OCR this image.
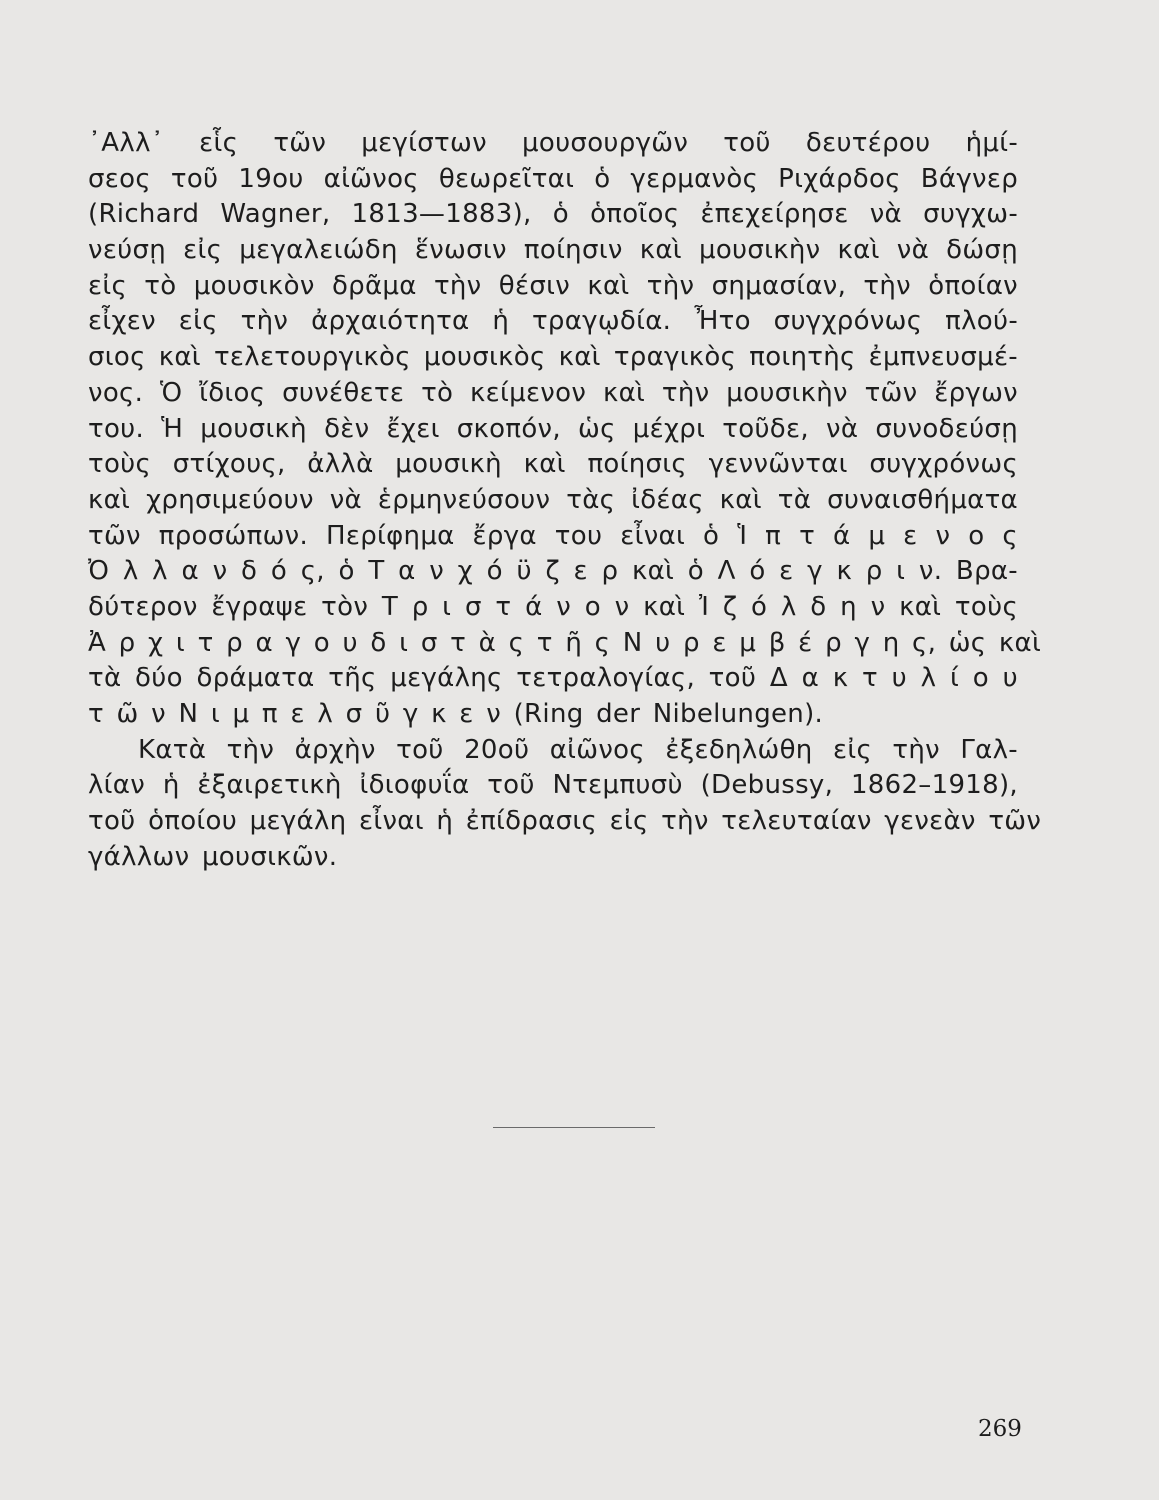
᾿Αλλ᾿ εἷς τῶν μεγίστων μουσουργῶν τοῦ δευτέρου ἡμί-
σεος τοῦ 19ου αἰῶνος θεωρεῖται ὁ γερμανὸς Ριχάρδος Βάγνερ
(Richard Wagner, 1813—1883), ὁ ὁποῖος ἐπεχείρησε νὰ συγχω-
νεύσῃ εἰς μεγαλειώδη ἕνωσιν ποίησιν καὶ μουσικὴν καὶ νὰ δώσῃ
εἰς τὸ μουσικὸν δρᾶμα τὴν θέσιν καὶ τὴν σημασίαν, τὴν ὁποίαν
εἶχεν εἰς τὴν ἀρχαιότητα ἡ τραγῳδία. Ἦτο συγχρόνως πλού-
σιος καὶ τελετουργικὸς μουσικὸς καὶ τραγικὸς ποιητὴς ἐμπνευσμέ-
νος. Ὁ ἴδιος συνέθετε τὸ κείμενον καὶ τὴν μουσικὴν τῶν ἔργων
του. Ἡ μουσικὴ δὲν ἔχει σκοπόν, ὡς μέχρι τοῦδε, νὰ συνοδεύσῃ
τοὺς στίχους, ἀλλὰ μουσικὴ καὶ ποίησις γεννῶνται συγχρόνως
καὶ χρησιμεύουν νὰ ἑρμηνεύσουν τὰς ἰδέας καὶ τὰ συναισθήματα
τῶν προσώπων. Περίφημα ἔργα του εἶναι ὁ Ἱ π τ ά μ ε ν ο ς
Ὀ λ λ α ν δ ό ς, ὁ Τ α ν χ ό ϋ ζ ε ρ καὶ ὁ Λ ό ε γ κ ρ ι ν. Βρα-
δύτερον ἔγραψε τὸν Τ ρ ι σ τ ά ν ο ν καὶ Ἰ ζ ό λ δ η ν καὶ τοὺς
Ἀ ρ χ ι τ ρ α γ ο υ δ ι σ τ ὰ ς τ ῆ ς Ν υ ρ ε μ β έ ρ γ η ς, ὡς καὶ
τὰ δύο δράματα τῆς μεγάλης τετραλογίας, τοῦ Δ α κ τ υ λ ί ο υ
τ ῶ ν Ν ι μ π ε λ σ ῦ γ κ ε ν (Ring der Nibelungen).
Κατὰ τὴν ἀρχὴν τοῦ 20οῦ αἰῶνος ἐξεδηλώθη εἰς τὴν Γαλ-
λίαν ἡ ἐξαιρετικὴ ἰδιοφυΐα τοῦ Ντεμπυσὺ (Debussy, 1862–1918),
τοῦ ὁποίου μεγάλη εἶναι ἡ ἐπίδρασις εἰς τὴν τελευταίαν γενεὰν τῶν
γάλλων μουσικῶν.
269
